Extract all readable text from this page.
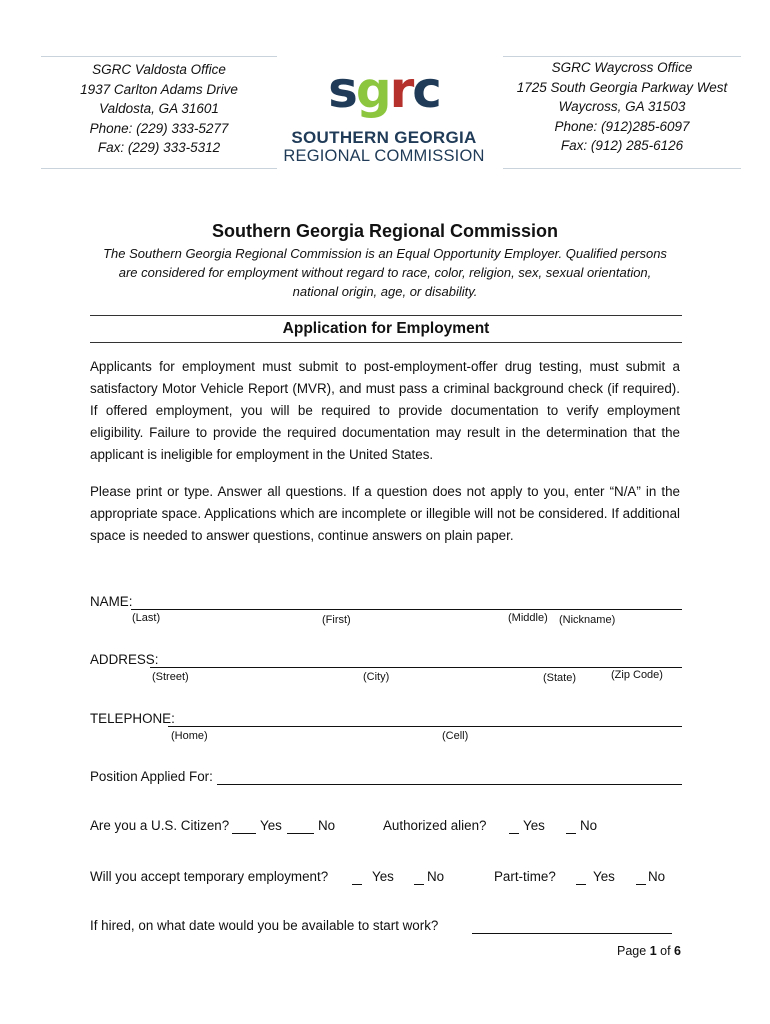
SGRC Valdosta Office
1937 Carlton Adams Drive
Valdosta, GA 31601
Phone: (229) 333-5277
Fax: (229) 333-5312
sgrc
SOUTHERN GEORGIA
REGIONAL COMMISSION
SGRC Waycross Office
1725 South Georgia Parkway West
Waycross, GA 31503
Phone: (912)285-6097
Fax: (912) 285-6126
Southern Georgia Regional Commission
The Southern Georgia Regional Commission is an Equal Opportunity Employer. Qualified persons are considered for employment without regard to race, color, religion, sex, sexual orientation, national origin, age, or disability.
Application for Employment
Applicants for employment must submit to post-employment-offer drug testing, must submit a satisfactory Motor Vehicle Report (MVR), and must pass a criminal background check (if required). If offered employment, you will be required to provide documentation to verify employment eligibility. Failure to provide the required documentation may result in the determination that the applicant is ineligible for employment in the United States.
Please print or type. Answer all questions. If a question does not apply to you, enter “N/A” in the appropriate space. Applications which are incomplete or illegible will not be considered. If additional space is needed to answer questions, continue answers on plain paper.
NAME:
(Last)	(First)	(Middle) (Nickname)
ADDRESS:
(Street)	(City)	(State)	(Zip Code)
TELEPHONE:
(Home)	(Cell)
Position Applied For:
Are you a U.S. Citizen? Yes	No	Authorized alien?	Yes	No
Will you accept temporary employment?	Yes No	Part-time?	Yes No
If hired, on what date would you be available to start work?
Page 1 of 6
